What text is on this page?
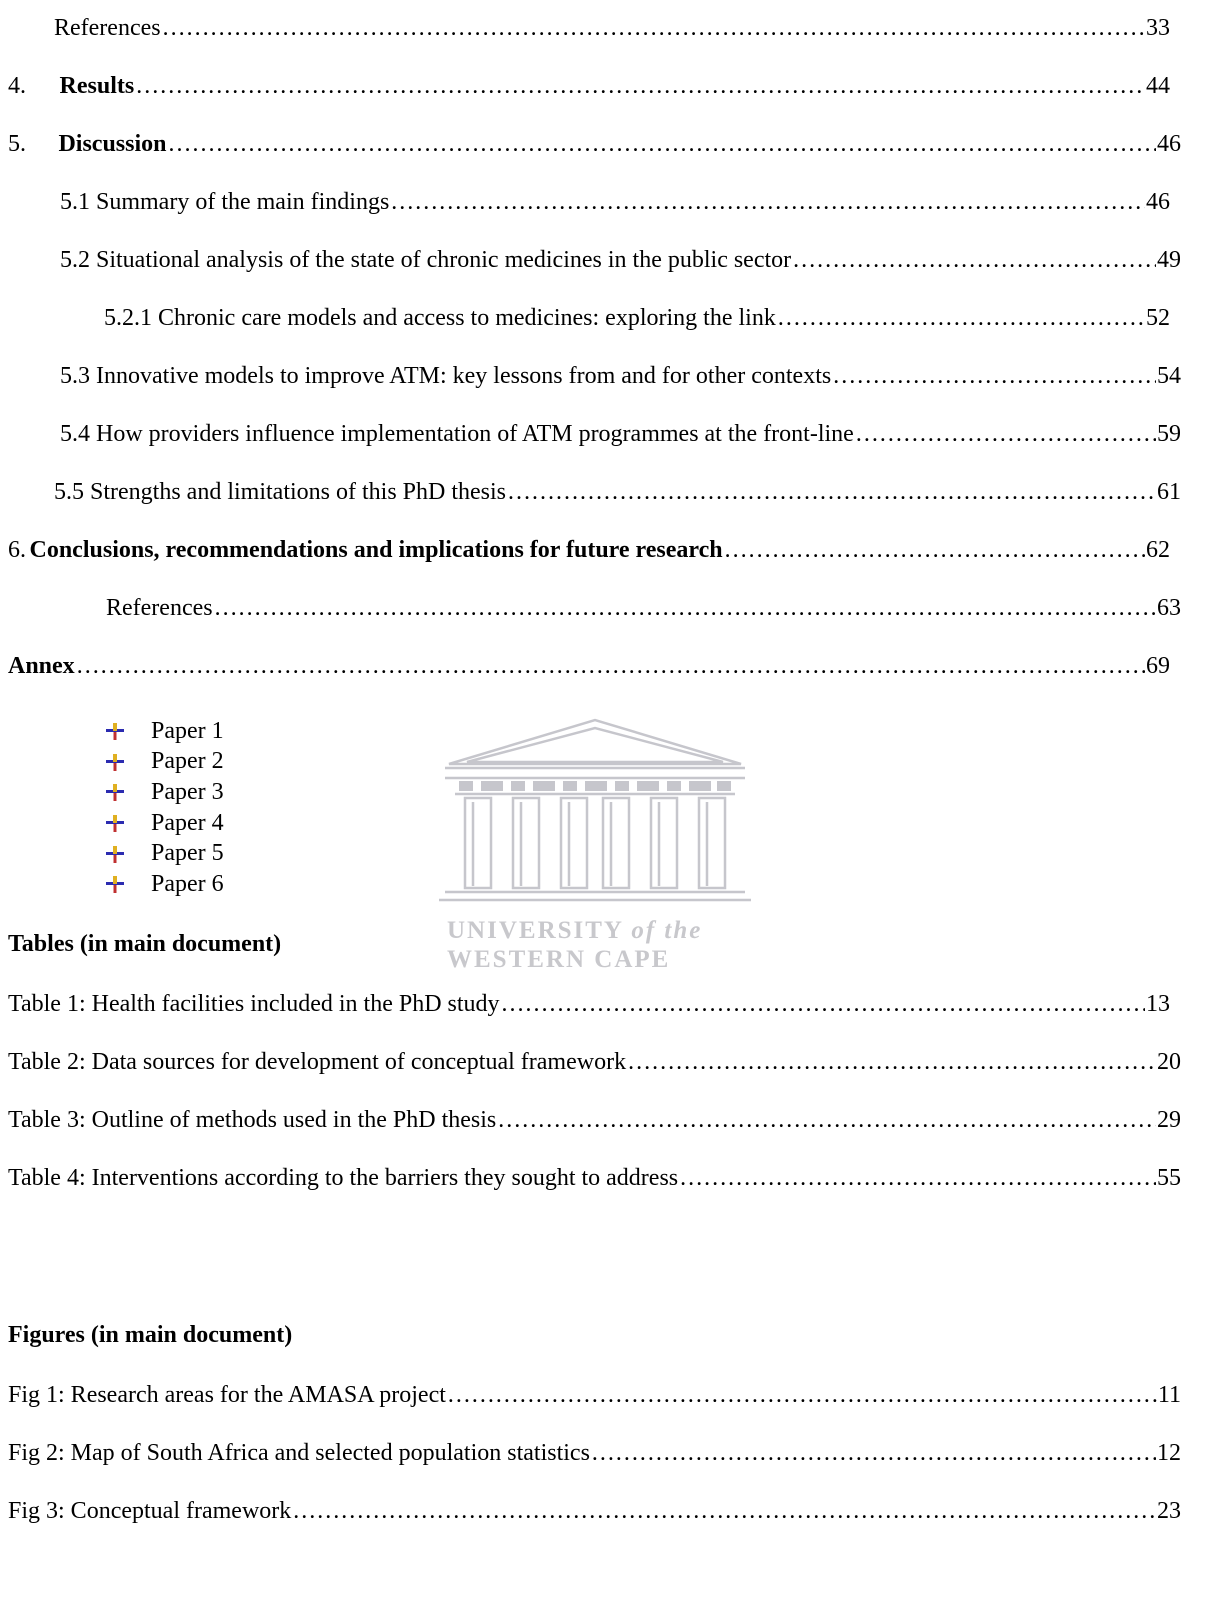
References ……………………………………………………………………………………………………………………………………………………………………………………………………………………	33
4.	Results ……………………………………………………………………………………………………………………………………………………………………………………………………………………	44
5.	Discussion ……………………………………………………………………………………………………………………………………………………………………………………………………………………	46
5.1 Summary of the main findings ……………………………………………………………………………………………………………………………………………………………………………………………………………………	46
5.2 Situational analysis of the state of chronic medicines in the public sector ……………………………………………………………………………………………………………………………………………………………………………………………………………………	49
5.2.1 Chronic care models and access to medicines: exploring the link ……………………………………………………………………………………………………………………………………………………………………………………………………………………	52
5.3 Innovative models to improve ATM: key lessons from and for other contexts ……………………………………………………………………………………………………………………………………………………………………………………………………………………	54
5.4 How providers influence implementation of ATM programmes at the front-line ……………………………………………………………………………………………………………………………………………………………………………………………………………………	59
5.5 Strengths and limitations of this PhD thesis ……………………………………………………………………………………………………………………………………………………………………………………………………………………	61
6. Conclusions, recommendations and implications for future research ……………………………………………………………………………………………………………………………………………………………………………………………………………………	62
References ……………………………………………………………………………………………………………………………………………………………………………………………………………………	63
Annex ……………………………………………………………………………………………………………………………………………………………………………………………………………………	69
Paper 1
Paper 2
Paper 3
Paper 4
Paper 5
Paper 6
UNIVERSITY of the
WESTERN CAPE
Tables (in main document)
Table 1: Health facilities included in the PhD study ……………………………………………………………………………………………………………………………………………………………………………………………………………………	13
Table 2: Data sources for development of conceptual framework ……………………………………………………………………………………………………………………………………………………………………………………………………………………	20
Table 3: Outline of methods used in the PhD thesis ……………………………………………………………………………………………………………………………………………………………………………………………………………………	29
Table 4: Interventions according to the barriers they sought to address ……………………………………………………………………………………………………………………………………………………………………………………………………………………	55
Figures (in main document)
Fig 1: Research areas for the AMASA project ……………………………………………………………………………………………………………………………………………………………………………………………………………………	11
Fig 2: Map of South Africa and selected population statistics ……………………………………………………………………………………………………………………………………………………………………………………………………………………	12
Fig 3: Conceptual framework ……………………………………………………………………………………………………………………………………………………………………………………………………………………	23
